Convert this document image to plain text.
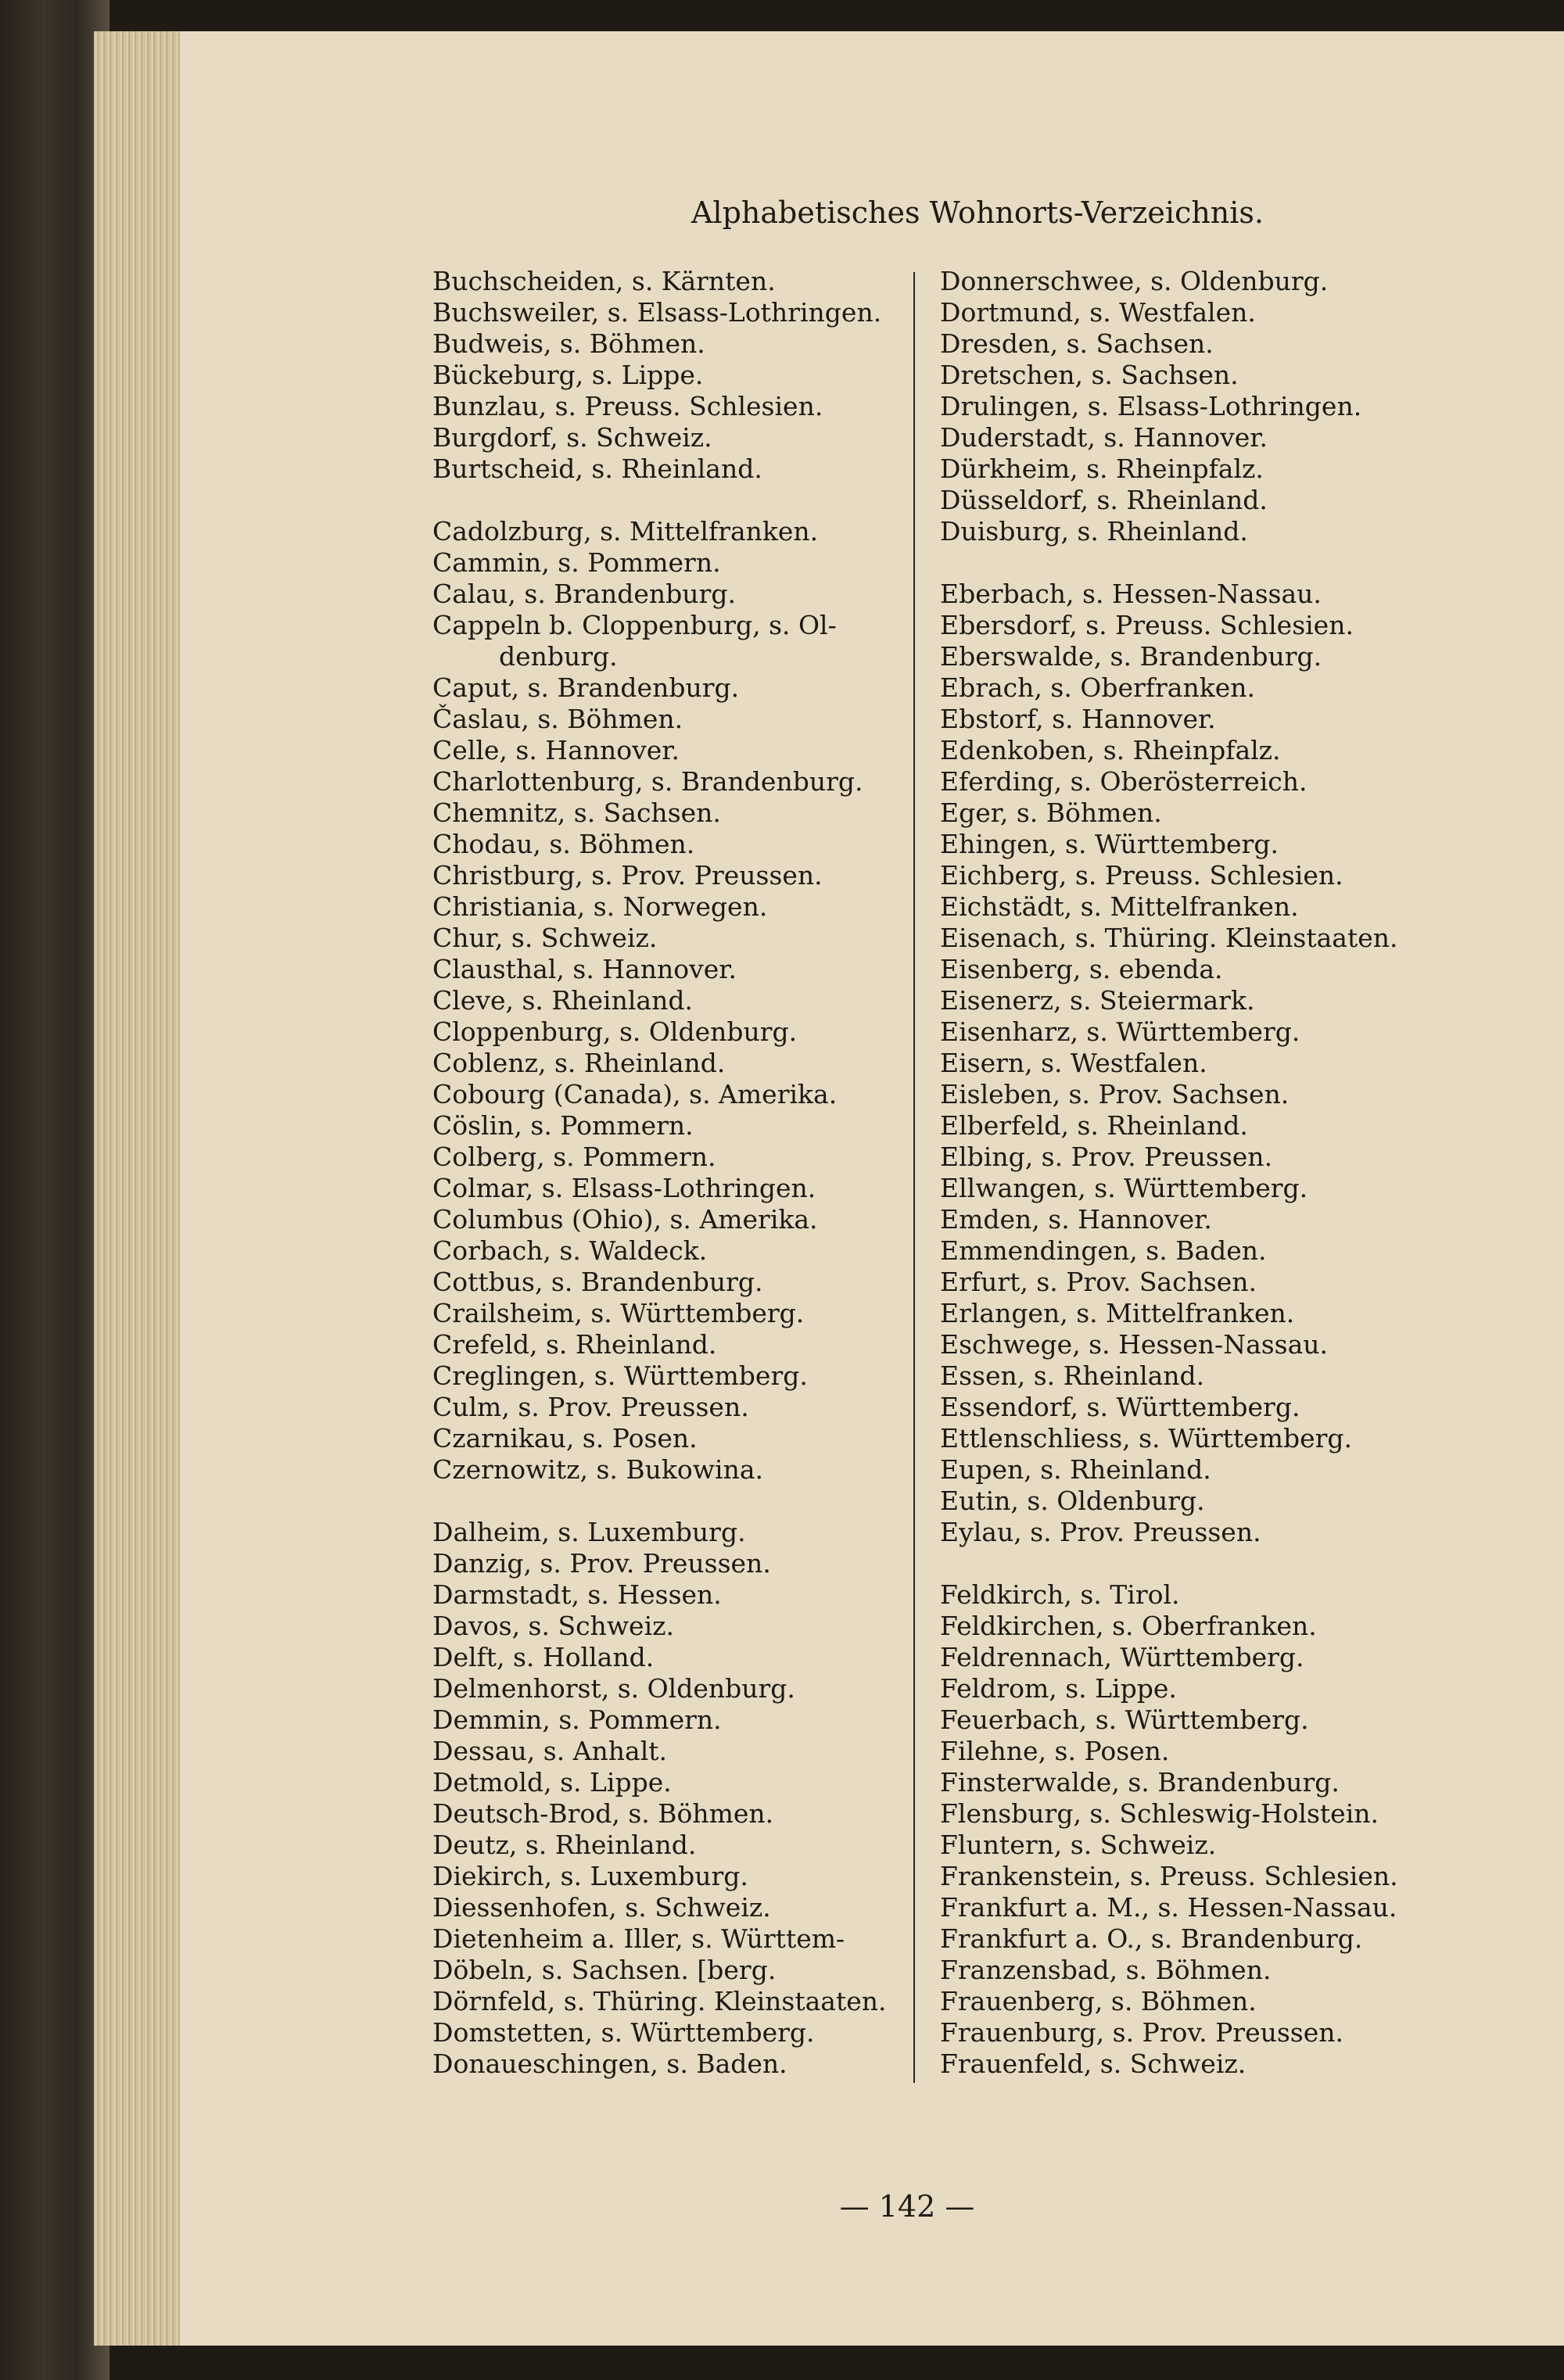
Alphabetisches Wohnorts-Verzeichnis.
Buchscheiden, s. Kärnten.
Buchsweiler, s. Elsass-Lothringen.
Budweis, s. Böhmen.
Bückeburg, s. Lippe.
Bunzlau, s. Preuss. Schlesien.
Burgdorf, s. Schweiz.
Burtscheid, s. Rheinland.
Cadolzburg, s. Mittelfranken.
Cammin, s. Pommern.
Calau, s. Brandenburg.
Cappeln b. Cloppenburg, s. Ol-
denburg.
Caput, s. Brandenburg.
Časlau, s. Böhmen.
Celle, s. Hannover.
Charlottenburg, s. Brandenburg.
Chemnitz, s. Sachsen.
Chodau, s. Böhmen.
Christburg, s. Prov. Preussen.
Christiania, s. Norwegen.
Chur, s. Schweiz.
Clausthal, s. Hannover.
Cleve, s. Rheinland.
Cloppenburg, s. Oldenburg.
Coblenz, s. Rheinland.
Cobourg (Canada), s. Amerika.
Cöslin, s. Pommern.
Colberg, s. Pommern.
Colmar, s. Elsass-Lothringen.
Columbus (Ohio), s. Amerika.
Corbach, s. Waldeck.
Cottbus, s. Brandenburg.
Crailsheim, s. Württemberg.
Crefeld, s. Rheinland.
Creglingen, s. Württemberg.
Culm, s. Prov. Preussen.
Czarnikau, s. Posen.
Czernowitz, s. Bukowina.
Dalheim, s. Luxemburg.
Danzig, s. Prov. Preussen.
Darmstadt, s. Hessen.
Davos, s. Schweiz.
Delft, s. Holland.
Delmenhorst, s. Oldenburg.
Demmin, s. Pommern.
Dessau, s. Anhalt.
Detmold, s. Lippe.
Deutsch-Brod, s. Böhmen.
Deutz, s. Rheinland.
Diekirch, s. Luxemburg.
Diessenhofen, s. Schweiz.
Dietenheim a. Iller, s. Württem-
Döbeln, s. Sachsen. [berg.
Dörnfeld, s. Thüring. Kleinstaaten.
Domstetten, s. Württemberg.
Donaueschingen, s. Baden.
Donnerschwee, s. Oldenburg.
Dortmund, s. Westfalen.
Dresden, s. Sachsen.
Dretschen, s. Sachsen.
Drulingen, s. Elsass-Lothringen.
Duderstadt, s. Hannover.
Dürkheim, s. Rheinpfalz.
Düsseldorf, s. Rheinland.
Duisburg, s. Rheinland.
Eberbach, s. Hessen-Nassau.
Ebersdorf, s. Preuss. Schlesien.
Eberswalde, s. Brandenburg.
Ebrach, s. Oberfranken.
Ebstorf, s. Hannover.
Edenkoben, s. Rheinpfalz.
Eferding, s. Oberösterreich.
Eger, s. Böhmen.
Ehingen, s. Württemberg.
Eichberg, s. Preuss. Schlesien.
Eichstädt, s. Mittelfranken.
Eisenach, s. Thüring. Kleinstaaten.
Eisenberg, s. ebenda.
Eisenerz, s. Steiermark.
Eisenharz, s. Württemberg.
Eisern, s. Westfalen.
Eisleben, s. Prov. Sachsen.
Elberfeld, s. Rheinland.
Elbing, s. Prov. Preussen.
Ellwangen, s. Württemberg.
Emden, s. Hannover.
Emmendingen, s. Baden.
Erfurt, s. Prov. Sachsen.
Erlangen, s. Mittelfranken.
Eschwege, s. Hessen-Nassau.
Essen, s. Rheinland.
Essendorf, s. Württemberg.
Ettlenschliess, s. Württemberg.
Eupen, s. Rheinland.
Eutin, s. Oldenburg.
Eylau, s. Prov. Preussen.
Feldkirch, s. Tirol.
Feldkirchen, s. Oberfranken.
Feldrennach, Württemberg.
Feldrom, s. Lippe.
Feuerbach, s. Württemberg.
Filehne, s. Posen.
Finsterwalde, s. Brandenburg.
Flensburg, s. Schleswig-Holstein.
Fluntern, s. Schweiz.
Frankenstein, s. Preuss. Schlesien.
Frankfurt a. M., s. Hessen-Nassau.
Frankfurt a. O., s. Brandenburg.
Franzensbad, s. Böhmen.
Frauenberg, s. Böhmen.
Frauenburg, s. Prov. Preussen.
Frauenfeld, s. Schweiz.
— 142 —
